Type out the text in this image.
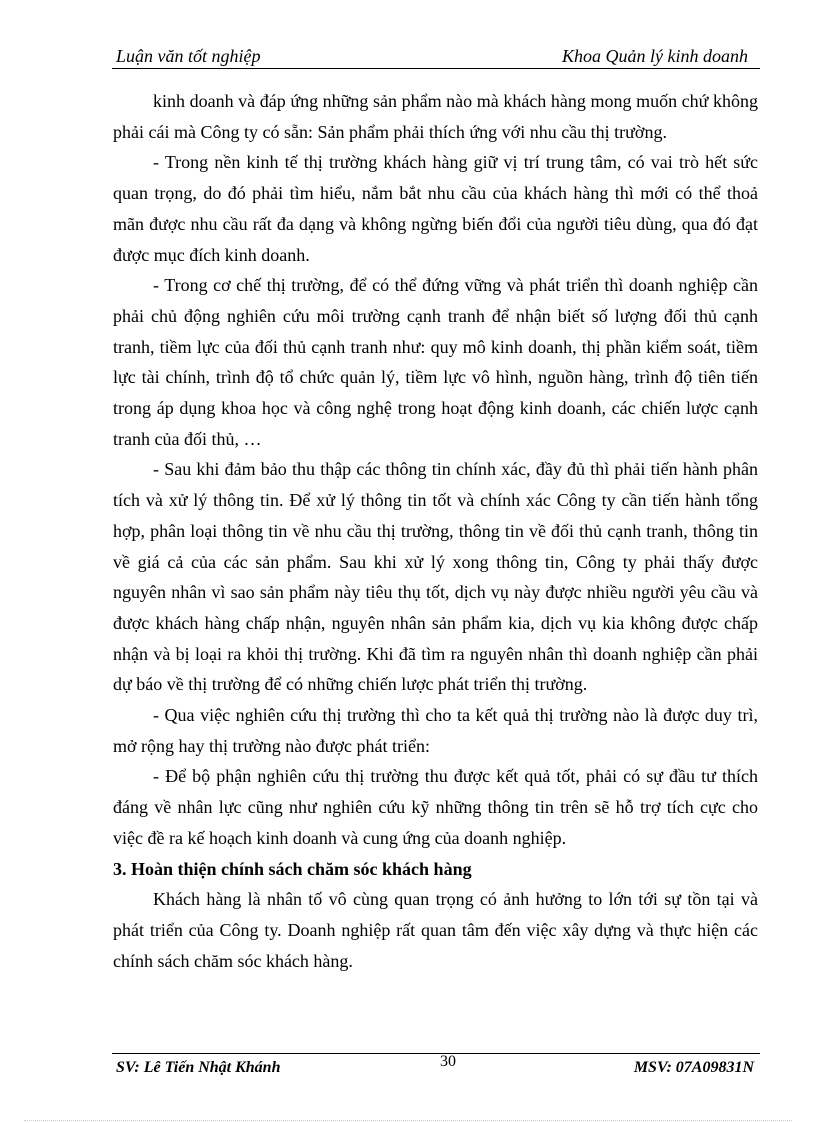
Luận văn tốt nghiệp	Khoa Quản lý kinh doanh

kinh doanh và đáp ứng những sản phẩm nào mà khách hàng mong muốn chứ không phải cái mà Công ty có sẵn: Sản phẩm phải thích ứng với nhu cầu thị trường.

- Trong nền kinh tế thị trường khách hàng giữ vị trí trung tâm, có vai trò hết sức quan trọng, do đó phải tìm hiểu, nắm bắt nhu cầu của khách hàng thì mới có thể thoả mãn được nhu cầu rất đa dạng và không ngừng biến đổi của người tiêu dùng, qua đó đạt được mục đích kinh doanh.

- Trong cơ chế thị trường, để có thể đứng vững và phát triển thì doanh nghiệp cần phải chủ động nghiên cứu môi trường cạnh tranh để nhận biết số lượng đối thủ cạnh tranh, tiềm lực của đối thủ cạnh tranh như: quy mô kinh doanh, thị phần kiểm soát, tiềm lực tài chính, trình độ tổ chức quản lý, tiềm lực vô hình, nguồn hàng, trình độ tiên tiến trong áp dụng khoa học và công nghệ trong hoạt động kinh doanh, các chiến lược cạnh tranh của đối thủ, …

- Sau khi đảm bảo thu thập các thông tin chính xác, đầy đủ thì phải tiến hành phân tích và xử lý thông tin. Để xử lý thông tin tốt và chính xác Công ty cần tiến hành tổng hợp, phân loại thông tin về nhu cầu thị trường, thông tin về đối thủ cạnh tranh, thông tin về giá cả của các sản phẩm. Sau khi xử lý xong thông tin, Công ty phải thấy được nguyên nhân vì sao sản phẩm này tiêu thụ tốt, dịch vụ này được nhiều người yêu cầu và được khách hàng chấp nhận, nguyên nhân sản phẩm kia, dịch vụ kia không được chấp nhận và bị loại ra khỏi thị trường. Khi đã tìm ra nguyên nhân thì doanh nghiệp cần phải dự báo về thị trường để có những chiến lược phát triển thị trường.

- Qua việc nghiên cứu thị trường thì cho ta kết quả thị trường nào là được duy trì, mở rộng hay thị trường nào được phát triển:

- Để bộ phận nghiên cứu thị trường thu được kết quả tốt, phải có sự đầu tư thích đáng về nhân lực cũng như nghiên cứu kỹ những thông tin trên sẽ hỗ trợ tích cực cho việc đề ra kế hoạch kinh doanh và cung ứng của doanh nghiệp.

3. Hoàn thiện chính sách chăm sóc khách hàng

Khách hàng là nhân tố vô cùng quan trọng có ảnh hưởng to lớn tới sự tồn tại và phát triển của Công ty. Doanh nghiệp rất quan tâm đến việc xây dựng và thực hiện các chính sách chăm sóc khách hàng.

SV: Lê Tiến Nhật Khánh	30	MSV: 07A09831N
